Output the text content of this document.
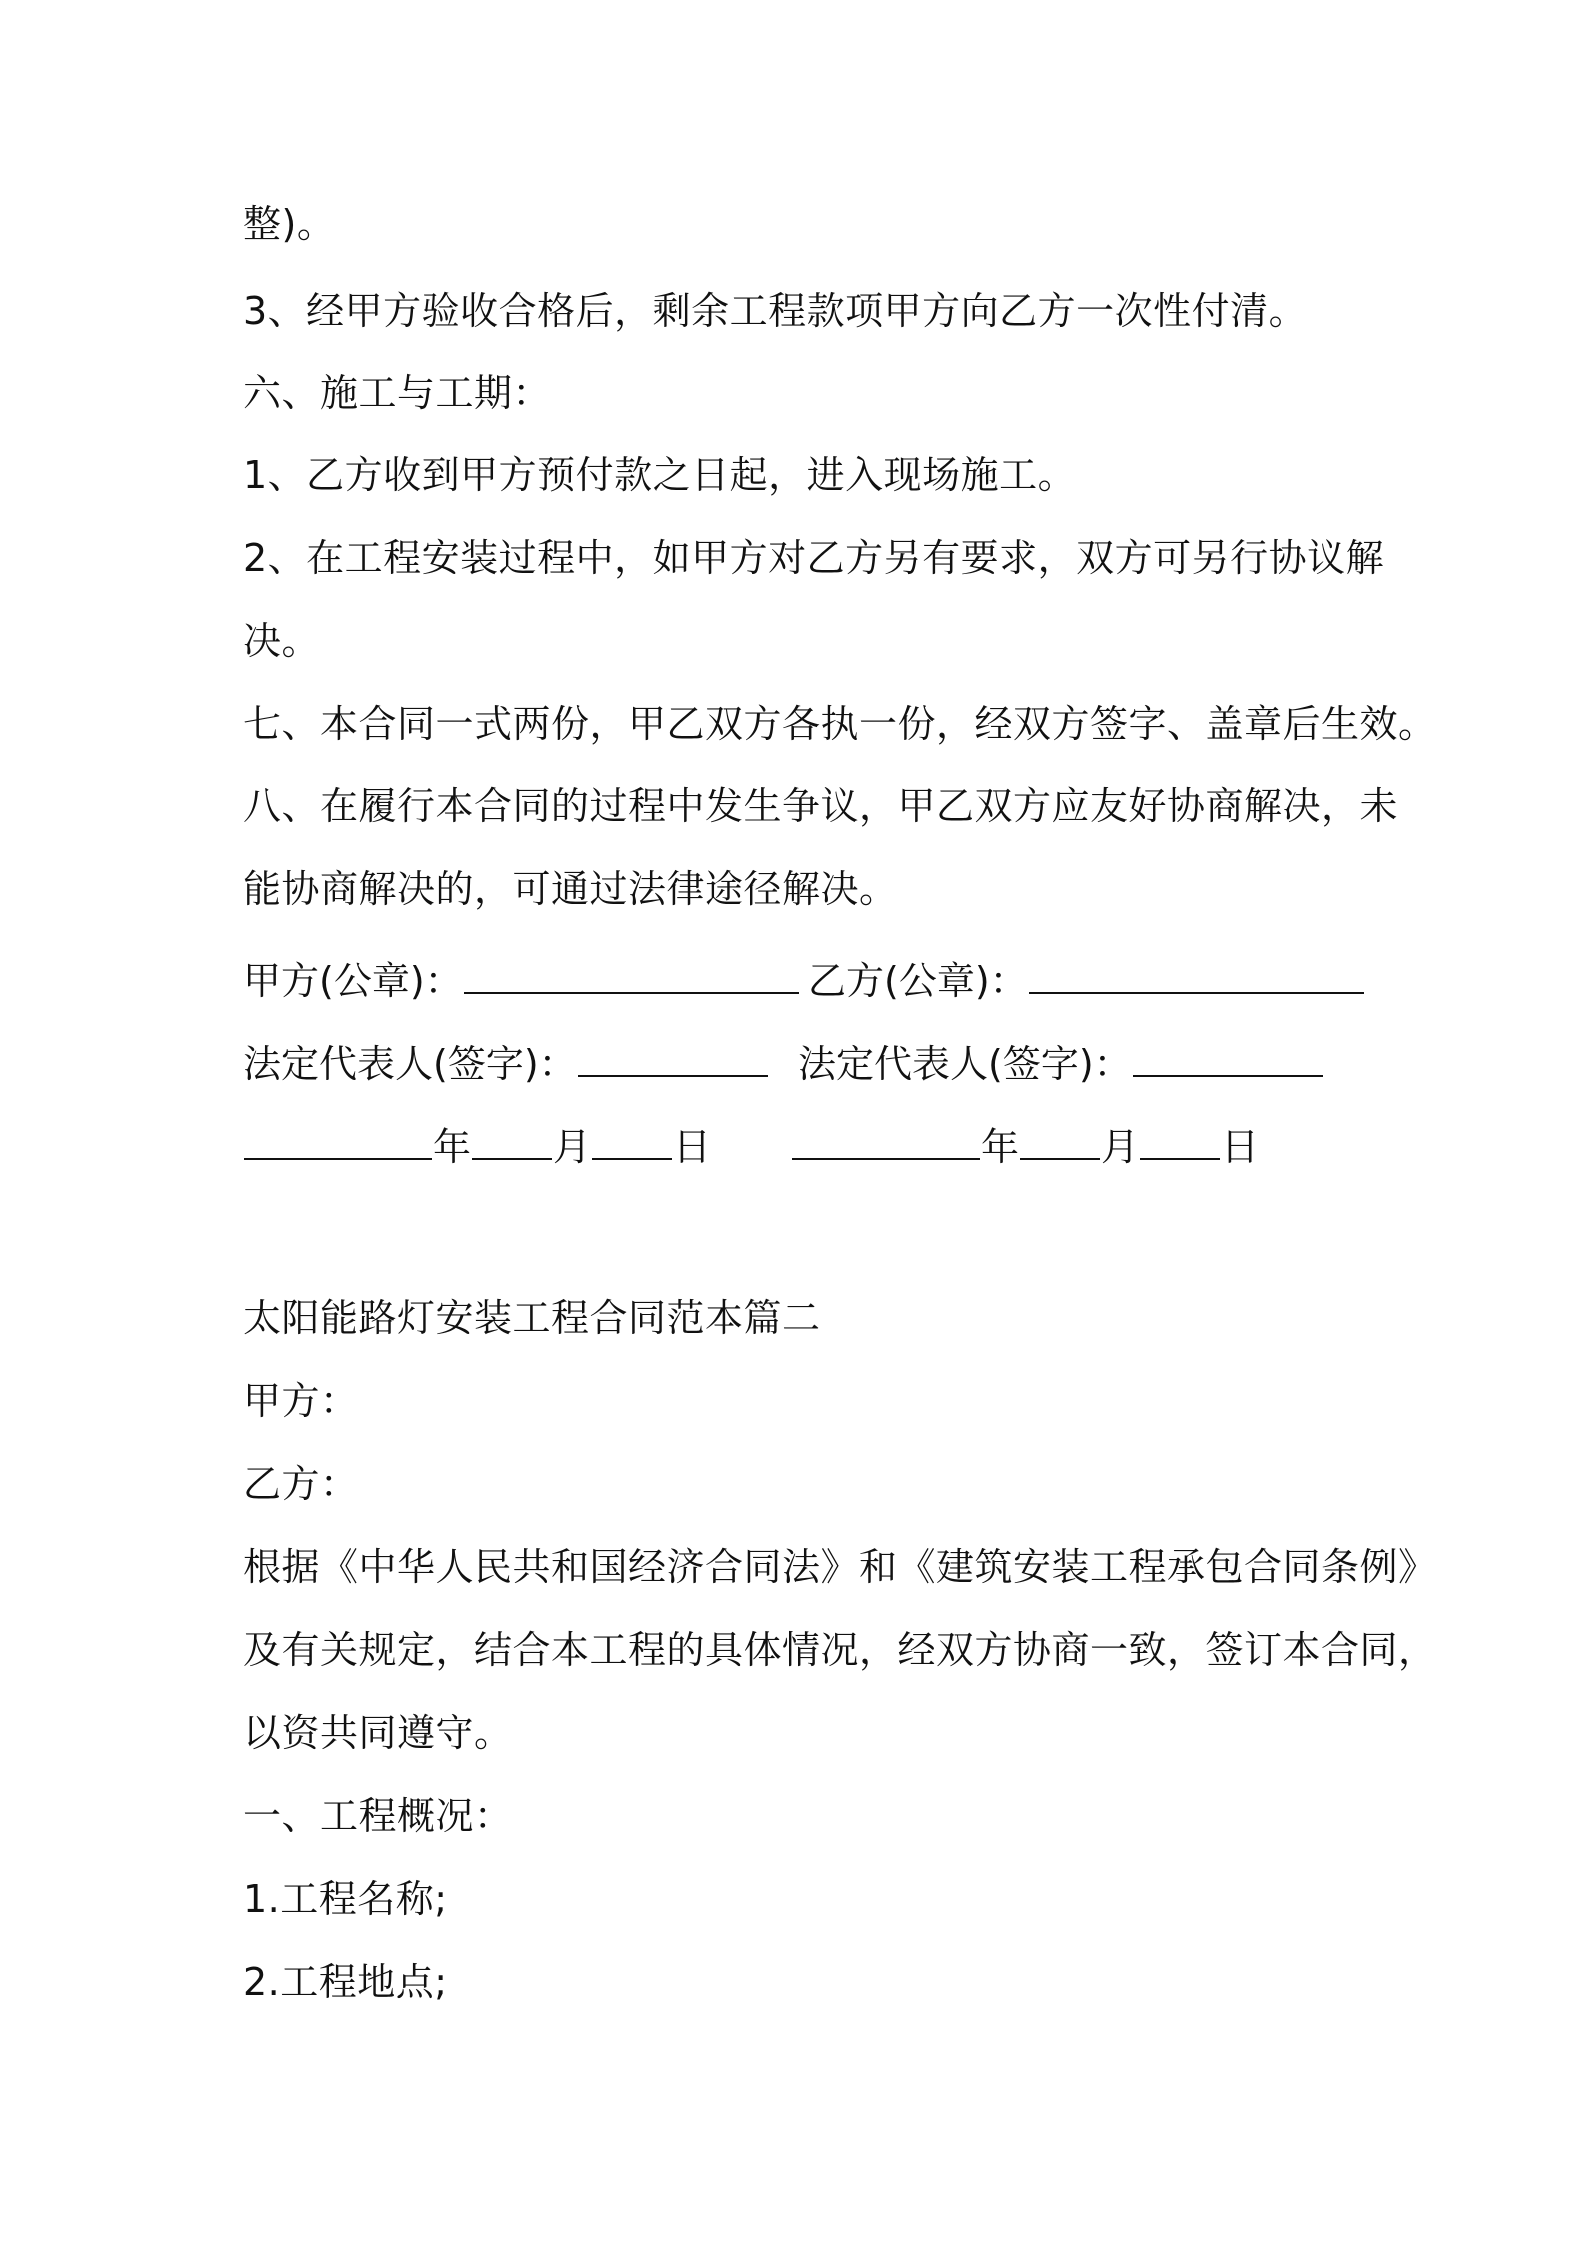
整)。
3、经甲方验收合格后，剩余工程款项甲方向乙方一次性付清。
六、施工与工期：
1、乙方收到甲方预付款之日起，进入现场施工。
2、在工程安装过程中，如甲方对乙方另有要求，双方可另行协议解
决。
七、本合同一式两份，甲乙双方各执一份，经双方签字、盖章后生效。
八、在履行本合同的过程中发生争议，甲乙双方应友好协商解决，未
能协商解决的，可通过法律途径解决。
甲方(公章)：	乙方(公章)：
法定代表人(签字)：	法定代表人(签字)：
年 月 日	年 月 日
太阳能路灯安装工程合同范本篇二
甲方：
乙方：
根据《中华人民共和国经济合同法》和《建筑安装工程承包合同条例》
及有关规定，结合本工程的具体情况，经双方协商一致，签订本合同，
以资共同遵守。
一、工程概况：
1.工程名称;
2.工程地点;
